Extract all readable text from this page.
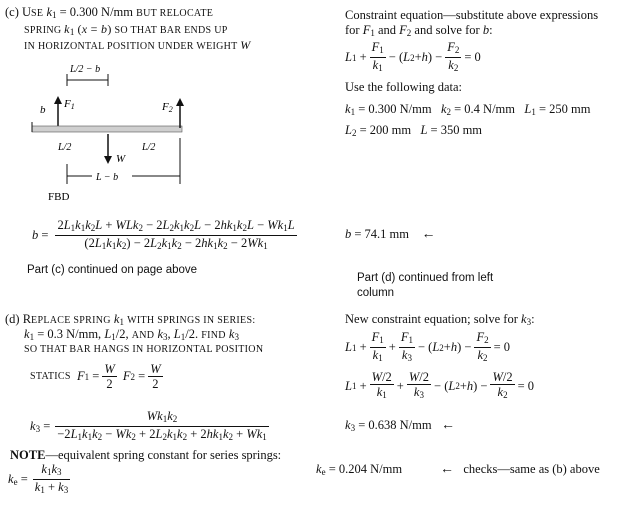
(c) USE $k_1 = 0.300$ N/mm BUT RELOCATE
SPRING $k_1$ (x = b) SO THAT BAR ENDS UP
IN HORIZONTAL POSITION UNDER WEIGHT W
L/2 − b
b F1	F2
L/2	L/2
W
L − b
FBD
$b = \frac{2L_1k_1k_2L + WLk_2 - 2L_2k_1k_2L - 2hk_1k_2L - Wk_1L}{(2L_1k_1k_2) - 2L_2k_1k_2 - 2hk_1k_2 - 2Wk_1}$
Part (c) continued on page above
Constraint equation—substitute above expressions
for $F_1$ and $F_2$ and solve for b:
L $1 + \frac{F_1}{k_1}$ − ( L 2 + h ) − $\frac{F_2}{k_2} = 0$
Use the following data:
$k_1 = 0.300$ N/mm   $k_2 = 0.4$ N/mm   $L_1 = 250$ mm
$L_2 = 200$ mm   L = 350 mm
b = 74.1 mm    ←
Part (d) continued from left
column
(d) REPLACE SPRING $k_1$ WITH SPRINGS IN SERIES:
$k_1 = 0.3$ N/mm, $L_1/2$, AND $k_3$, $L_1/2$. FIND $k_3$
SO THAT BAR HANGS IN HORIZONTAL POSITION
STATICS
F $1 = \frac{W}{2}$
F $2 = \frac{W}{2}$
$k_3 = \frac{Wk_1k_2}{-2L_1k_1k_2 - Wk_2 + 2L_2k_1k_2 + 2hk_1k_2 + Wk_1}$
NOTE—equivalent spring constant for series springs:
$k_e = \frac{k_1k_3}{k_1 + k_3}$
New constraint equation; solve for $k_3$:
L $1 + \frac{F_1}{k_1} + \frac{F_1}{k_3}$ − ( L 2 + h ) − $\frac{F_2}{k_2} = 0$
L $1 + \frac{W/2}{k_1} + \frac{W/2}{k_3}$ − ( L 2 + h ) − $\frac{W/2}{k_2} = 0$
$k_3 = 0.638$ N/mm   ←
$k_e = 0.204$ N/mm	← checks—same as (b) above
